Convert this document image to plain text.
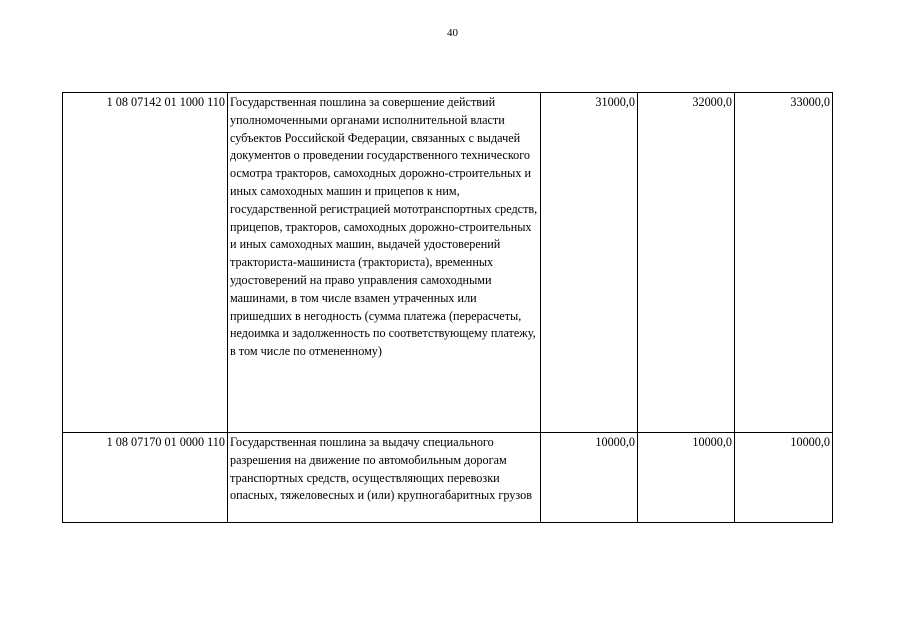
40
1 08 07142 01 1000 110	Государственная пошлина за совершение действий уполномоченными органами исполнительной власти субъектов Российской Федерации, связанных с выдачей документов о проведении государственного технического осмотра тракторов, самоходных дорожно-строительных и иных самоходных машин и прицепов к ним, государственной регистрацией мототранспортных средств, прицепов, тракторов, самоходных дорожно-строительных и иных самоходных машин, выдачей удостоверений тракториста-машиниста (тракториста), временных удостоверений на право управления самоходными машинами, в том числе взамен утраченных или пришедших в негодность (сумма платежа (перерасчеты, недоимка и задолженность по соответствующему платежу, в том числе по отмененному)	31000,0	32000,0	33000,0
1 08 07170 01 0000 110	Государственная пошлина за выдачу специального разрешения на движение по автомобильным дорогам транспортных средств, осуществляющих перевозки опасных, тяжеловесных и (или) крупногабаритных грузов	10000,0	10000,0	10000,0
